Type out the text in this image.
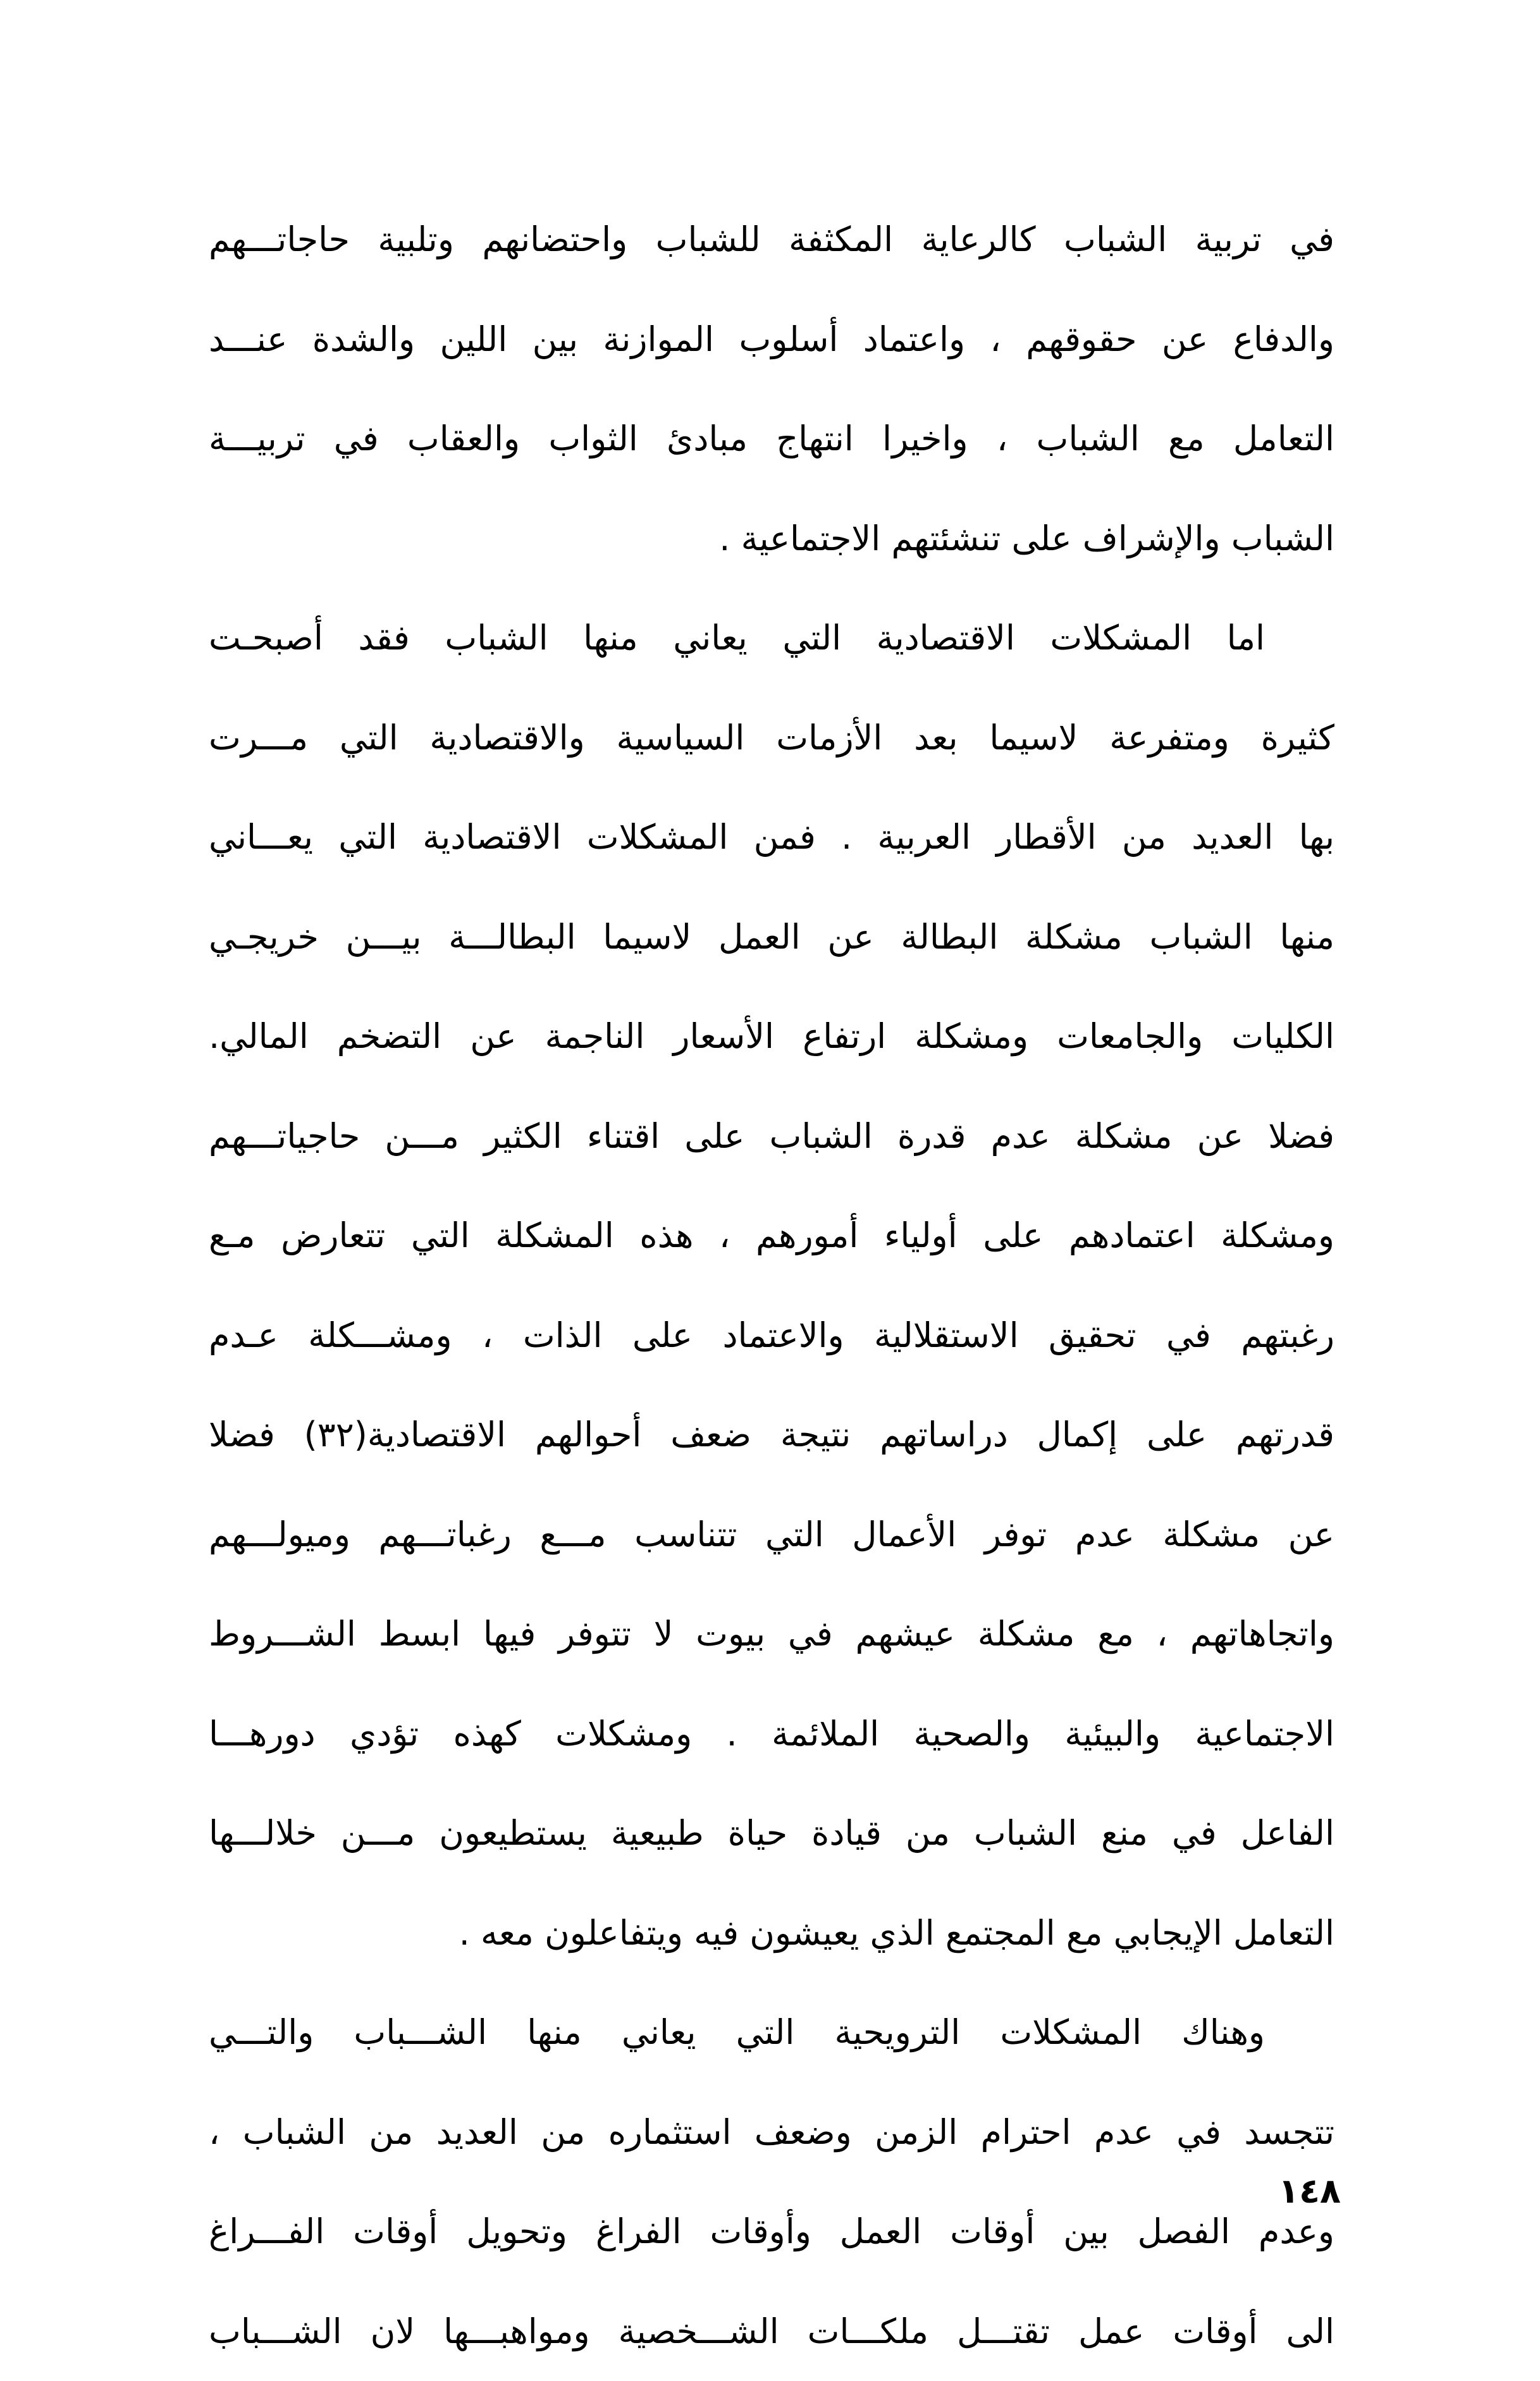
في تربية الشباب كالرعاية المكثفة للشباب واحتضانهم وتلبية حاجاتـــهم
والدفاع عن حقوقهم ، واعتماد أسلوب الموازنة بين اللين والشدة عنـــد
التعامل مع الشباب ، واخيرا انتهاج مبادئ الثواب والعقاب في تربيـــة
الشباب والإشراف على تنشئتهم الاجتماعية .
اما المشكلات الاقتصادية التي يعاني منها الشباب فقد أصبحـت
كثيرة ومتفرعة لاسيما بعد الأزمات السياسية والاقتصادية التي مـــرت
بها العديد من الأقطار العربية . فمن المشكلات الاقتصادية التي يعـــاني
منها الشباب مشكلة البطالة عن العمل لاسيما البطالـــة بيـــن خريجـي
الكليات والجامعات ومشكلة ارتفاع الأسعار الناجمة عن التضخم المالي.
فضلا عن مشكلة عدم قدرة الشباب على اقتناء الكثير مـــن حاجياتـــهم
ومشكلة اعتمادهم على أولياء أمورهم ، هذه المشكلة التي تتعارض مـع
رغبتهم في تحقيق الاستقلالية والاعتماد على الذات ، ومشـــكلة عـدم
قدرتهم على إكمال دراساتهم نتيجة ضعف أحوالهم الاقتصادية(٣٢) فضلا
عن مشكلة عدم توفر الأعمال التي تتناسب مـــع رغباتـــهم وميولـــهم
واتجاهاتهم ، مع مشكلة عيشهم في بيوت لا تتوفر فيها ابسط الشـــروط
الاجتماعية والبيئية والصحية الملائمة . ومشكلات كهذه تؤدي دورهـــا
الفاعل في منع الشباب من قيادة حياة طبيعية يستطيعون مـــن خلالـــها
التعامل الإيجابي مع المجتمع الذي يعيشون فيه ويتفاعلون معه .
وهناك المشكلات الترويحية التي يعاني منها الشـــباب والتـــي
تتجسد في عدم احترام الزمن وضعف استثماره من العديد من الشباب ،
وعدم الفصل بين أوقات العمل وأوقات الفراغ وتحويل أوقات الفـــراغ
الى أوقات عمل تقتـــل ملكـــات الشـــخصية ومواهبـــها لان الشـــباب
١٤٨
